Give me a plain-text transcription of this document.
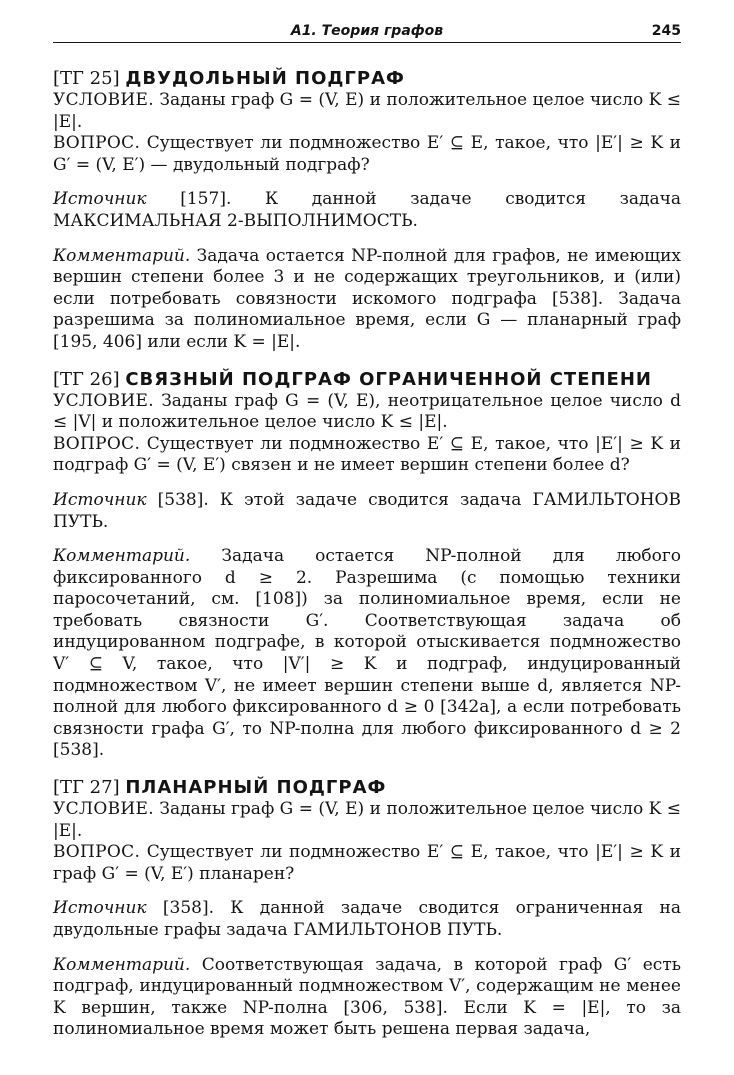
А1. Теория графов	245
[ТГ 25] ДВУДОЛЬНЫЙ ПОДГРАФ

УСЛОВИЕ. Заданы граф G = (V, E) и положительное целое число K ≤ |E|.

ВОПРОС. Существует ли подмножество E′ ⊆ E, такое, что |E′| ≥ K и G′ = (V, E′) — двудольный подграф?

Источник [157]. К данной задаче сводится задача МАКСИМАЛЬНАЯ 2-ВЫПОЛНИМОСТЬ.

Комментарий. Задача остается NP-полной для графов, не имеющих вершин степени более 3 и не содержащих треугольников, и (или) если потребовать совязности искомого подграфа [538]. Задача разрешима за полиномиальное время, если G — планарный граф [195, 406] или если K = |E|.

[ТГ 26] СВЯЗНЫЙ ПОДГРАФ ОГРАНИЧЕННОЙ СТЕПЕНИ

УСЛОВИЕ. Заданы граф G = (V, E), неотрицательное целое число d ≤ |V| и положительное целое число K ≤ |E|.

ВОПРОС. Существует ли подмножество E′ ⊆ E, такое, что |E′| ≥ K и подграф G′ = (V, E′) связен и не имеет вершин степени более d?

Источник [538]. К этой задаче сводится задача ГАМИЛЬТОНОВ ПУТЬ.

Комментарий. Задача остается NP-полной для любого фиксированного d ≥ 2. Разрешима (с помощью техники паросочетаний, см. [108]) за полиномиальное время, если не требовать связности G′. Соответствующая задача об индуцированном подграфе, в которой отыскивается подмножество V′ ⊆ V, такое, что |V′| ≥ K и подграф, индуцированный подмножеством V′, не имеет вершин степени выше d, является NP-полной для любого фиксированного d ≥ 0 [342a], а если потребовать связности графа G′, то NP-полна для любого фиксированного d ≥ 2 [538].

[ТГ 27] ПЛАНАРНЫЙ ПОДГРАФ

УСЛОВИЕ. Заданы граф G = (V, E) и положительное целое число K ≤ |E|.

ВОПРОС. Существует ли подмножество E′ ⊆ E, такое, что |E′| ≥ K и граф G′ = (V, E′) планарен?

Источник [358]. К данной задаче сводится ограниченная на двудольные графы задача ГАМИЛЬТОНОВ ПУТЬ.

Комментарий. Соответствующая задача, в которой граф G′ есть подграф, индуцированный подмножеством V′, содержащим не менее K вершин, также NP-полна [306, 538]. Если K = |E|, то за полиномиальное время может быть решена первая задача,
